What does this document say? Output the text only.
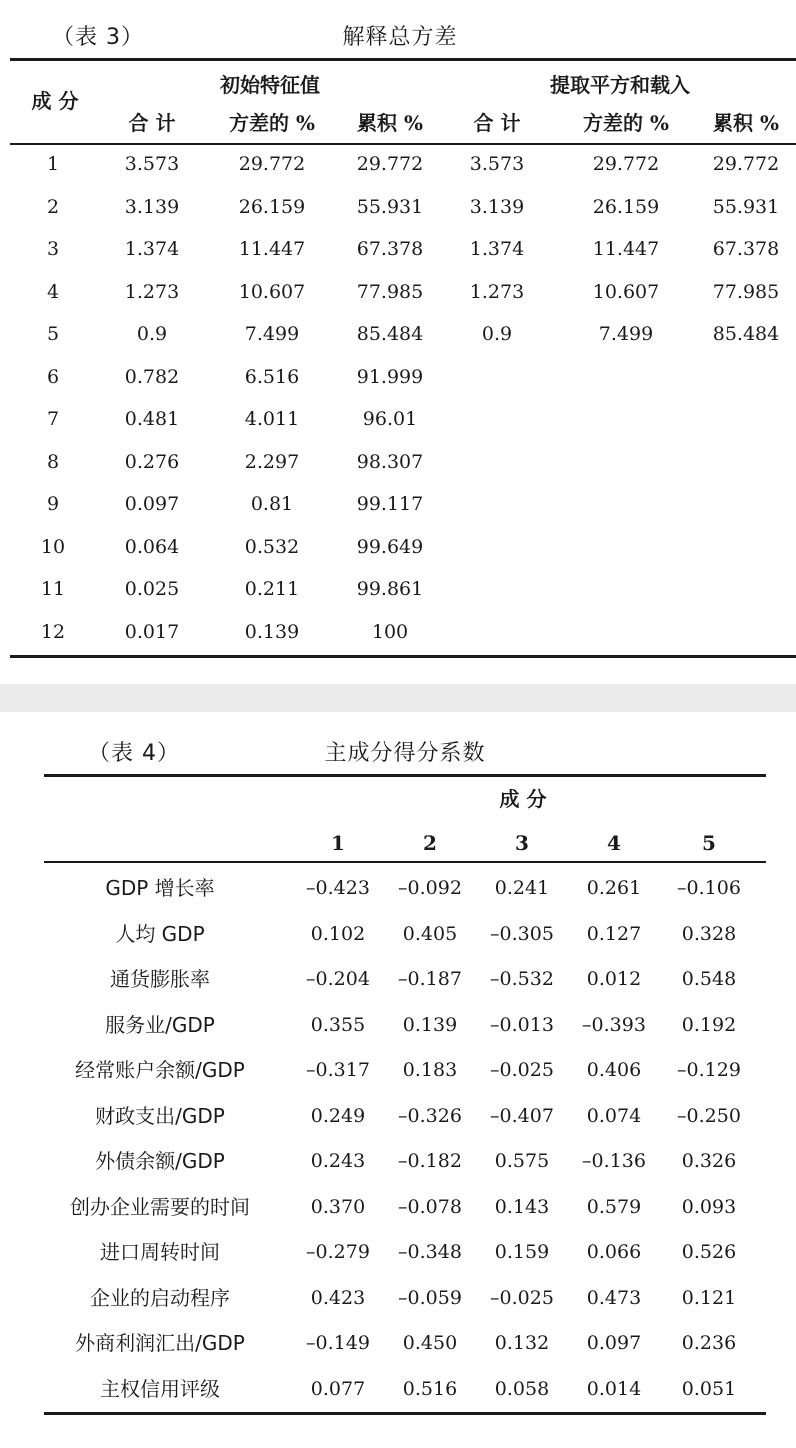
（表 3）	解释总方差
成 分
初始特征值	提取平方和载入
合 计	方差的 %	累积 %	合 计	方差的 %	累积 %
1	3.573	29.772	29.772	3.573	29.772	29.772
2	3.139	26.159	55.931	3.139	26.159	55.931
3	1.374	11.447	67.378	1.374	11.447	67.378
4	1.273	10.607	77.985	1.273	10.607	77.985
5	0.9	7.499	85.484	0.9	7.499	85.484
6	0.782	6.516	91.999
7	0.481	4.011	96.01
8	0.276	2.297	98.307
9	0.097	0.81	99.117
10	0.064	0.532	99.649
11	0.025	0.211	99.861
12	0.017	0.139	100
（表 4）	主成分得分系数
成 分
1	2	3	4	5
GDP 增长率	–0.423	–0.092	0.241	0.261	–0.106
人均 GDP	0.102	0.405	–0.305	0.127	0.328
通货膨胀率	–0.204	–0.187	–0.532	0.012	0.548
服务业/GDP	0.355	0.139	–0.013	–0.393	0.192
经常账户余额/GDP	–0.317	0.183	–0.025	0.406	–0.129
财政支出/GDP	0.249	–0.326	–0.407	0.074	–0.250
外债余额/GDP	0.243	–0.182	0.575	–0.136	0.326
创办企业需要的时间	0.370	–0.078	0.143	0.579	0.093
进口周转时间	–0.279	–0.348	0.159	0.066	0.526
企业的启动程序	0.423	–0.059	–0.025	0.473	0.121
外商利润汇出/GDP	–0.149	0.450	0.132	0.097	0.236
主权信用评级	0.077	0.516	0.058	0.014	0.051
